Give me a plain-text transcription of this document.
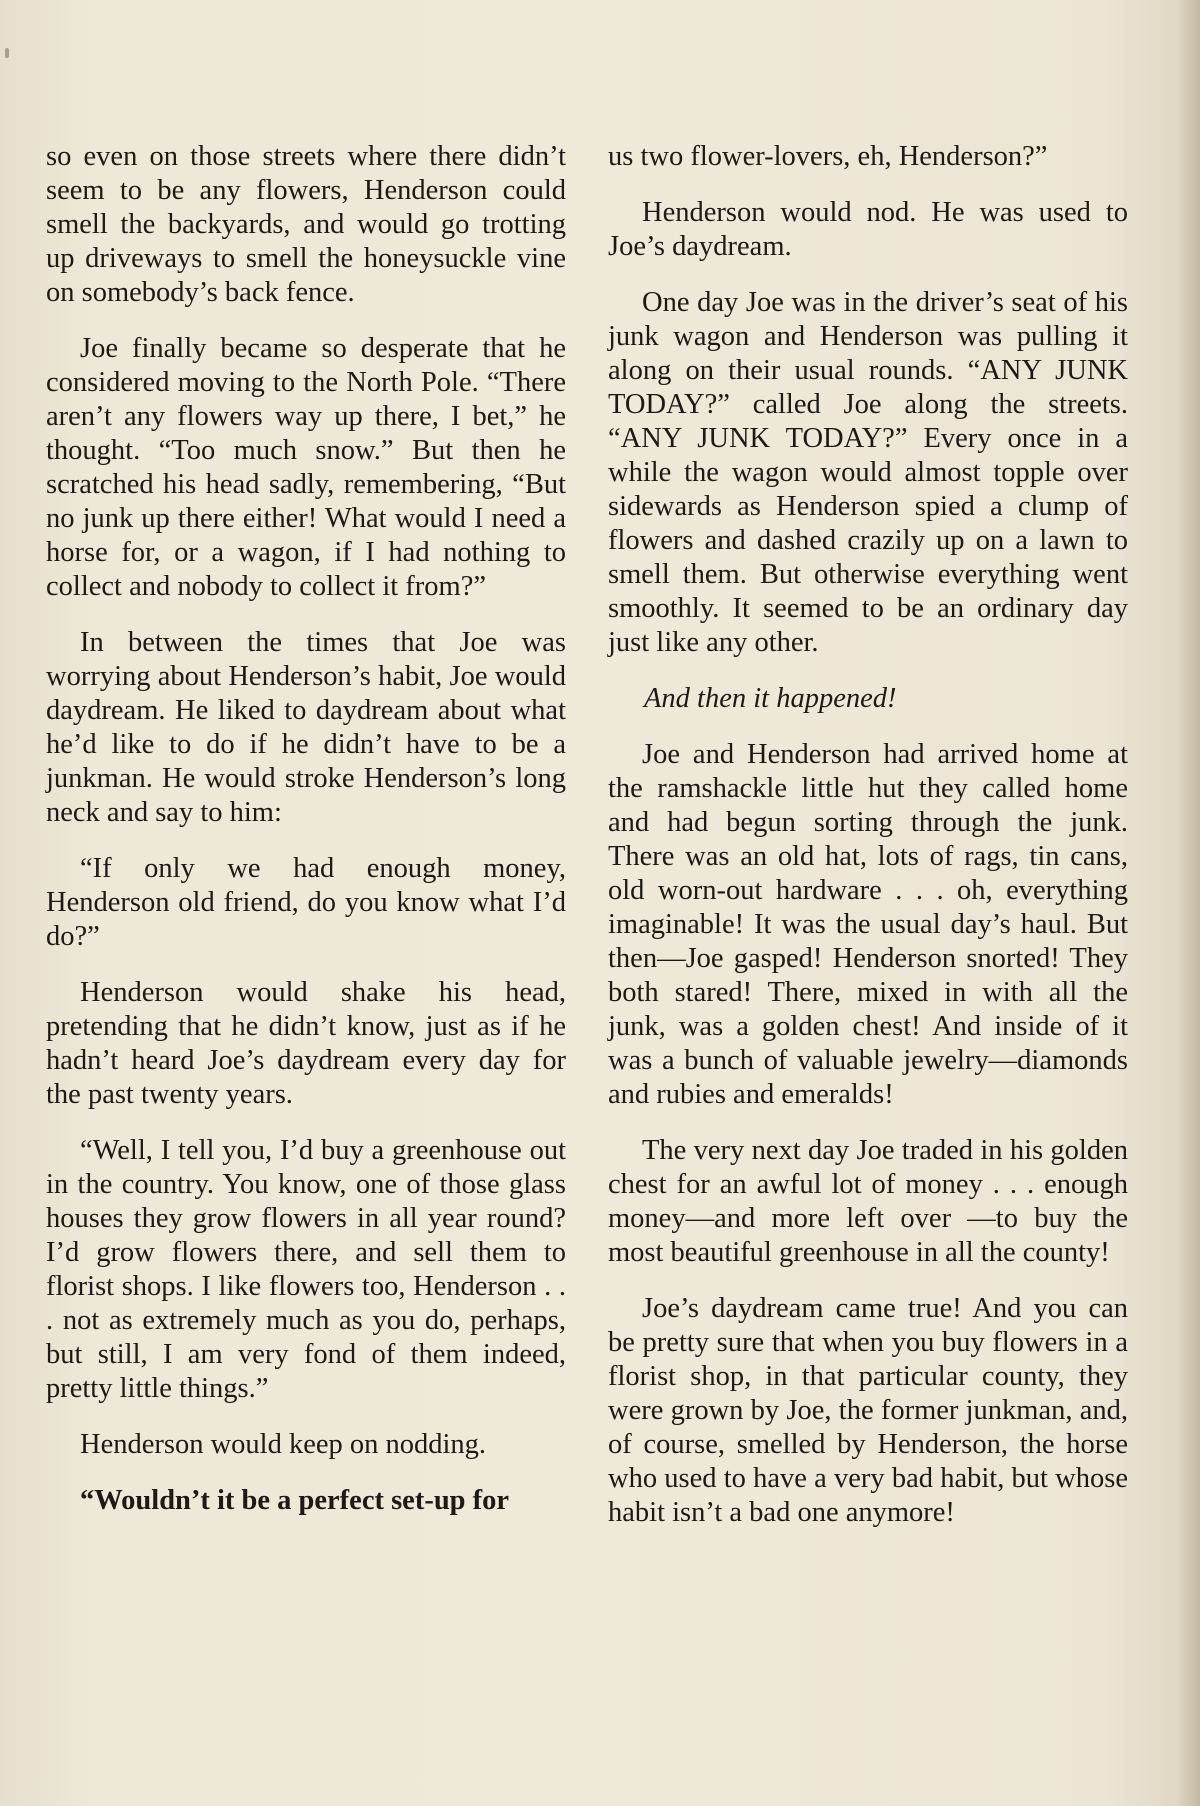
so even on those streets where there didn’t seem to be any flowers, Henderson could smell the backyards, and would go trotting up driveways to smell the honeysuckle vine on somebody’s back fence.

Joe finally became so desperate that he considered moving to the North Pole. “There aren’t any flowers way up there, I bet,” he thought. “Too much snow.” But then he scratched his head sadly, remembering, “But no junk up there either! What would I need a horse for, or a wagon, if I had nothing to collect and nobody to collect it from?”

In between the times that Joe was worrying about Henderson’s habit, Joe would daydream. He liked to daydream about what he’d like to do if he didn’t have to be a junkman. He would stroke Henderson’s long neck and say to him:

“If only we had enough money, Henderson old friend, do you know what I’d do?”

Henderson would shake his head, pretending that he didn’t know, just as if he hadn’t heard Joe’s daydream every day for the past twenty years.

“Well, I tell you, I’d buy a greenhouse out in the country. You know, one of those glass houses they grow flowers in all year round? I’d grow flowers there, and sell them to florist shops. I like flowers too, Henderson . . . not as extremely much as you do, perhaps, but still, I am very fond of them indeed, pretty little things.”

Henderson would keep on nodding.

“Wouldn’t it be a perfect set-up for

us two flower-lovers, eh, Henderson?”

Henderson would nod. He was used to Joe’s daydream.

One day Joe was in the driver’s seat of his junk wagon and Henderson was pulling it along on their usual rounds. “ANY JUNK TODAY?” called Joe along the streets. “ANY JUNK TODAY?” Every once in a while the wagon would almost topple over sidewards as Henderson spied a clump of flowers and dashed crazily up on a lawn to smell them. But otherwise everything went smoothly. It seemed to be an ordinary day just like any other.

And then it happened!

Joe and Henderson had arrived home at the ramshackle little hut they called home and had begun sorting through the junk. There was an old hat, lots of rags, tin cans, old worn-out hardware . . . oh, everything imaginable! It was the usual day’s haul. But then—Joe gasped! Henderson snorted! They both stared! There, mixed in with all the junk, was a golden chest! And inside of it was a bunch of valuable jewelry—diamonds and rubies and emeralds!

The very next day Joe traded in his golden chest for an awful lot of money . . . enough money—and more left over —to buy the most beautiful greenhouse in all the county!

Joe’s daydream came true! And you can be pretty sure that when you buy flowers in a florist shop, in that particular county, they were grown by Joe, the former junkman, and, of course, smelled by Henderson, the horse who used to have a very bad habit, but whose habit isn’t a bad one anymore!
